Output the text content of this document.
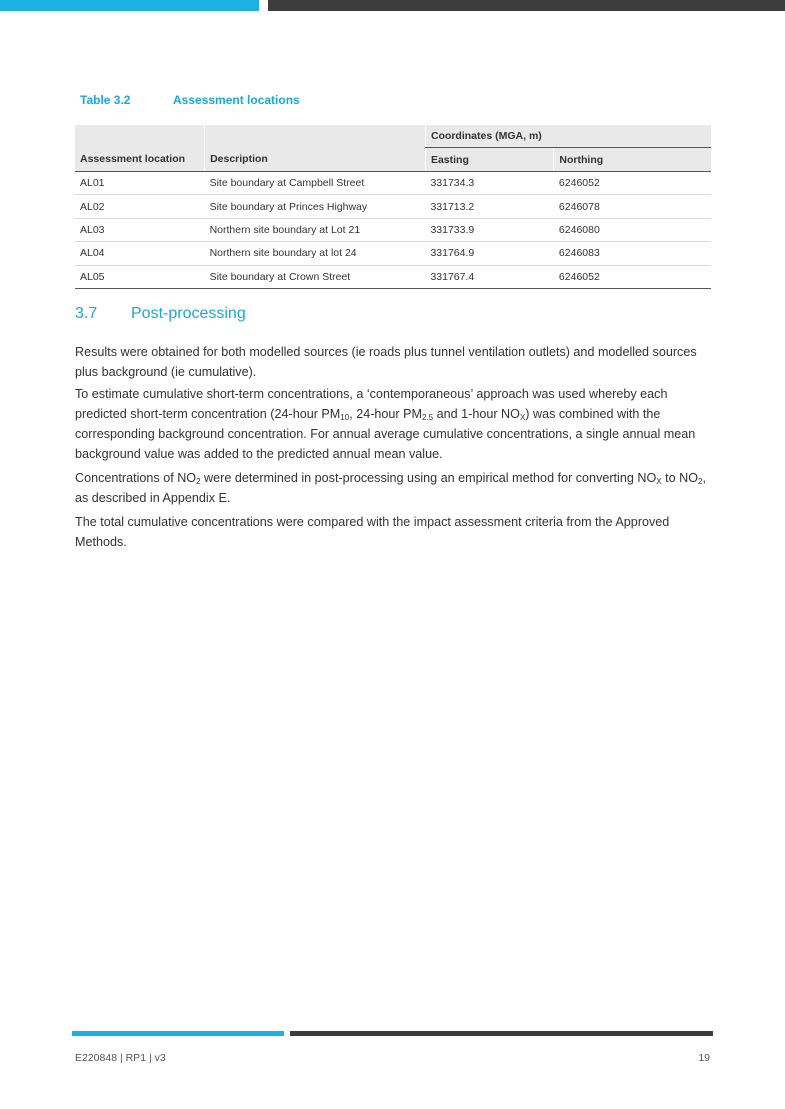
Table 3.2	Assessment locations
		Coordinates (MGA, m)	
Assessment location	Description	Easting	Northing
AL01	Site boundary at Campbell Street	331734.3	6246052
AL02	Site boundary at Princes Highway	331713.2	6246078
AL03	Northern site boundary at Lot 21	331733.9	6246080
AL04	Northern site boundary at lot 24	331764.9	6246083
AL05	Site boundary at Crown Street	331767.4	6246052
3.7 Post-processing

Results were obtained for both modelled sources (ie roads plus tunnel ventilation outlets) and modelled sources plus background (ie cumulative).

To estimate cumulative short-term concentrations, a ‘contemporaneous’ approach was used whereby each predicted short-term concentration (24-hour $PM_{10}$, 24-hour $PM_{2.5}$ and 1-hour $NO_X$) was combined with the corresponding background concentration. For annual average cumulative concentrations, a single annual mean background value was added to the predicted annual mean value.

Concentrations of $NO_2$ were determined in post-processing using an empirical method for converting $NO_X$ to $NO_2$, as described in Appendix E.

The total cumulative concentrations were compared with the impact assessment criteria from the Approved Methods.

E220848 | RP1 | v3	19
